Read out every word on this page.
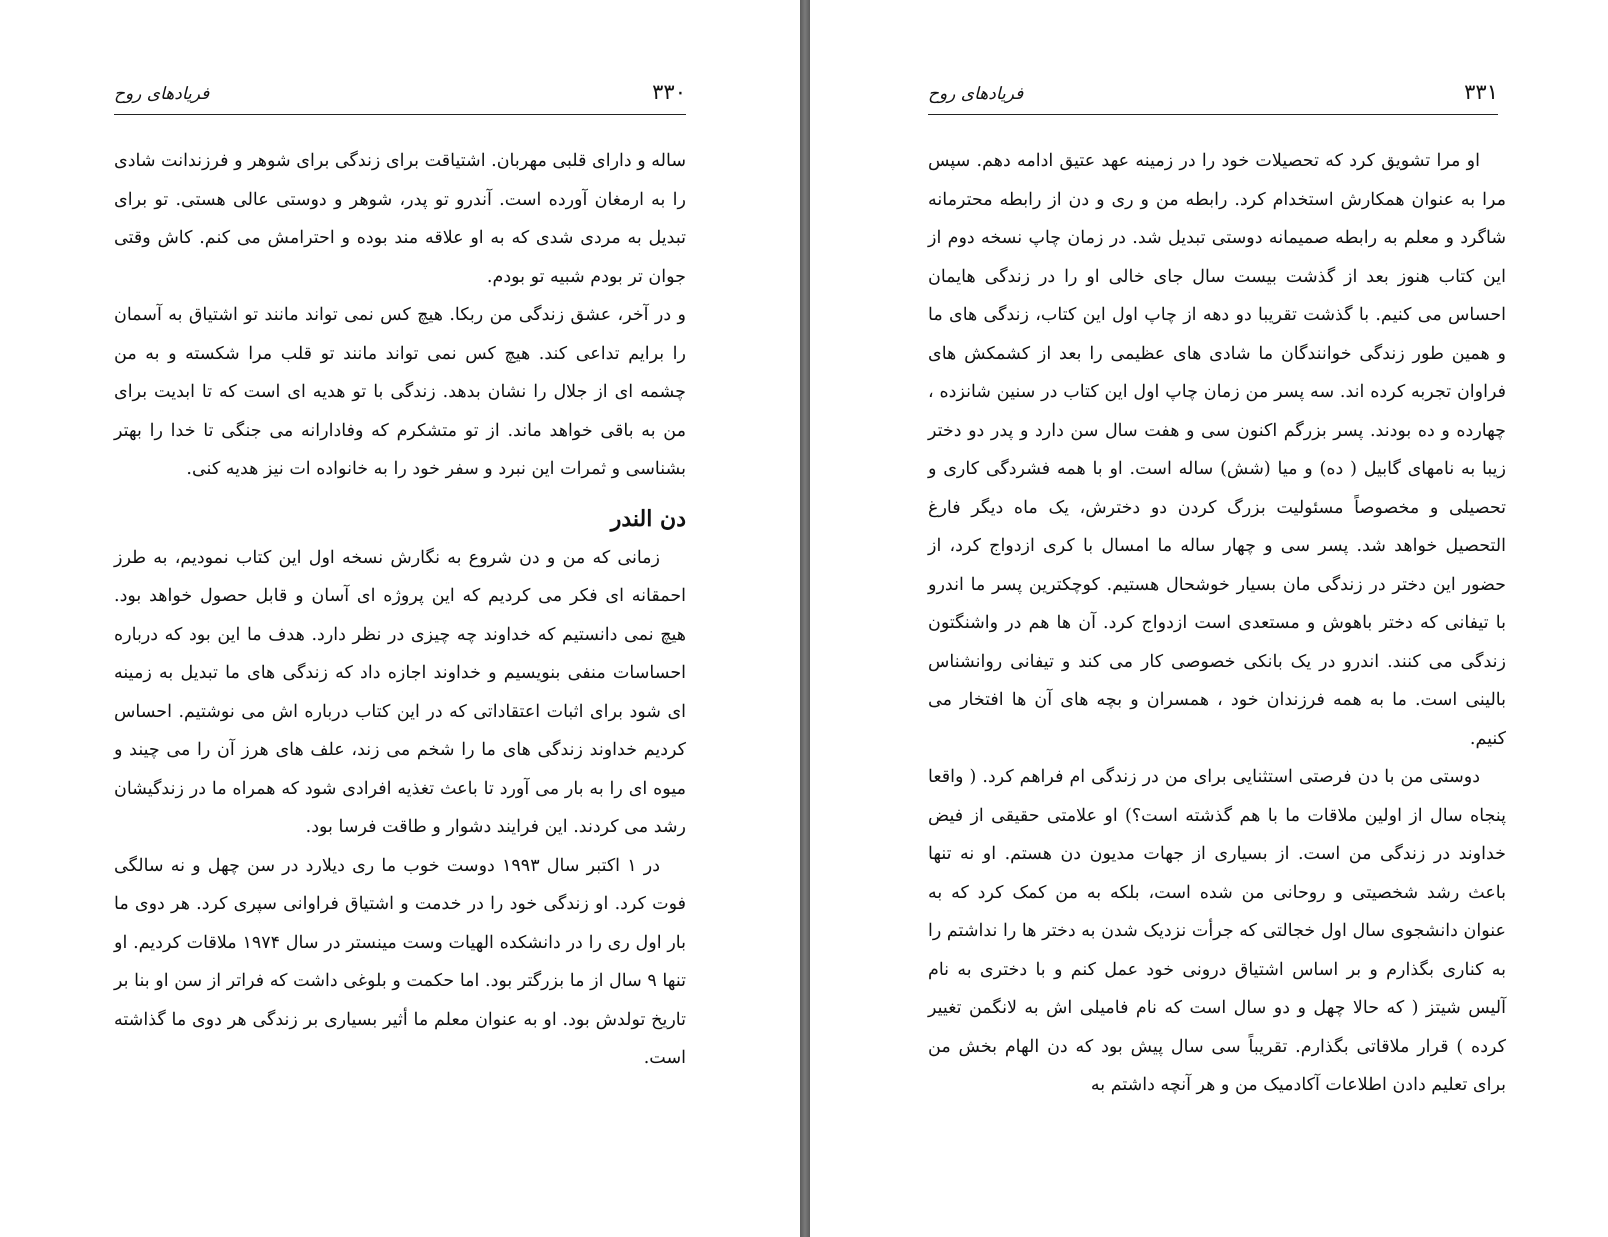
فریادهای روح	۳۳۰

ساله و دارای قلبی مهربان. اشتیاقت برای زندگی برای شوهر و فرزندانت شادی را به ارمغان آورده است. آندرو تو پدر، شوهر و دوستی عالی هستی. تو برای تبدیل به مردی شدی که به او علاقه مند بوده و احترامش می کنم. کاش وقتی جوان تر بودم شبیه تو بودم.

و در آخر، عشق زندگی من ربکا. هیچ کس نمی تواند مانند تو اشتیاق به آسمان را برایم تداعی کند. هیچ کس نمی تواند مانند تو قلب مرا شکسته و به من چشمه ای از جلال را نشان بدهد. زندگی با تو هدیه ای است که تا ابدیت برای من به باقی خواهد ماند. از تو متشکرم که وفادارانه می جنگی تا خدا را بهتر بشناسی و ثمرات این نبرد و سفر خود را به خانواده ات نیز هدیه کنی.

دن الندر

زمانی که من و دن شروع به نگارش نسخه اول این کتاب نمودیم، به طرز احمقانه ای فکر می کردیم که این پروژه ای آسان و قابل حصول خواهد بود. هیچ نمی دانستیم که خداوند چه چیزی در نظر دارد. هدف ما این بود که درباره احساسات منفی بنویسیم و خداوند اجازه داد که زندگی های ما تبدیل به زمینه ای شود برای اثبات اعتقاداتی که در این کتاب درباره اش می نوشتیم. احساس کردیم خداوند زندگی های ما را شخم می زند، علف های هرز آن را می چیند و میوه ای را به بار می آورد تا باعث تغذیه افرادی شود که همراه ما در زندگیشان رشد می کردند. این فرایند دشوار و طاقت فرسا بود.

در ۱ اکتبر سال ۱۹۹۳ دوست خوب ما ری دیلارد در سن چهل و نه سالگی فوت کرد. او زندگی خود را در خدمت و اشتیاق فراوانی سپری کرد. هر دوی ما بار اول ری را در دانشکده الهیات وست مینستر در سال ۱۹۷۴ ملاقات کردیم. او تنها ۹ سال از ما بزرگتر بود. اما حکمت و بلوغی داشت که فراتر از سن او بنا بر تاریخ تولدش بود. او به عنوان معلم ما أثیر بسیاری بر زندگی هر دوی ما گذاشته است.

فریادهای روح	۳۳۱

او مرا تشویق کرد که تحصیلات خود را در زمینه عهد عتیق ادامه دهم. سپس مرا به عنوان همکارش استخدام کرد. رابطه من و ری و دن از رابطه محترمانه شاگرد و معلم به رابطه صمیمانه دوستی تبدیل شد. در زمان چاپ نسخه دوم از این کتاب هنوز بعد از گذشت بیست سال جای خالی او را در زندگی هایمان احساس می کنیم. با گذشت تقریبا دو دهه از چاپ اول این کتاب، زندگی های ما و همین طور زندگی خوانندگان ما شادی های عظیمی را بعد از کشمکش های فراوان تجربه کرده اند. سه پسر من زمان چاپ اول این کتاب در سنین شانزده ، چهارده و ده بودند. پسر بزرگم اکنون سی و هفت سال سن دارد و پدر دو دختر زیبا به نامهای گابیل ( ده) و میا (شش) ساله است. او با همه فشردگی کاری و تحصیلی و مخصوصاً مسئولیت بزرگ کردن دو دخترش، یک ماه دیگر فارغ التحصیل خواهد شد. پسر سی و چهار ساله ما امسال با کری ازدواج کرد، از حضور این دختر در زندگی مان بسیار خوشحال هستیم. کوچکترین پسر ما اندرو با تیفانی که دختر باهوش و مستعدی است ازدواج کرد. آن ها هم در واشنگتون زندگی می کنند. اندرو در یک بانکی خصوصی کار می کند و تیفانی روانشناس بالینی است. ما به همه فرزندان خود ، همسران و بچه های آن ها افتخار می کنیم.

دوستی من با دن فرصتی استثنایی برای من در زندگی ام فراهم کرد. ( واقعا پنجاه سال از اولین ملاقات ما با هم گذشته است؟) او علامتی حقیقی از فیض خداوند در زندگی من است. از بسیاری از جهات مدیون دن هستم. او نه تنها باعث رشد شخصیتی و روحانی من شده است، بلکه به من کمک کرد که به عنوان دانشجوی سال اول خجالتی که جرأت نزدیک شدن به دختر ها را نداشتم را به کناری بگذارم و بر اساس اشتیاق درونی خود عمل کنم و با دختری به نام آلیس شیتز ( که حالا چهل و دو سال است که نام فامیلی اش به لانگمن تغییر کرده ) قرار ملاقاتی بگذارم. تقریباً سی سال پیش بود که دن الهام بخش من برای تعلیم دادن اطلاعات آکادمیک من و هر آنچه داشتم به
